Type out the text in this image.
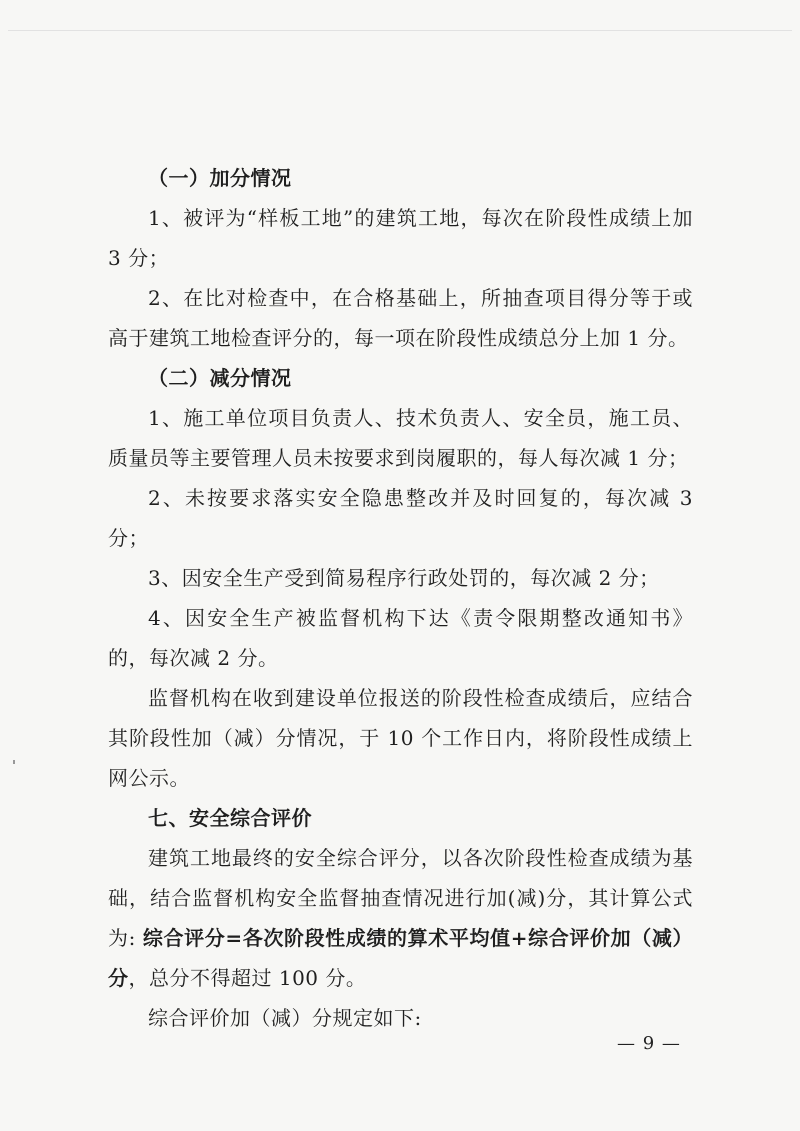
（一）加分情况

1、被评为“样板工地”的建筑工地，每次在阶段性成绩上加 3 分；

2、在比对检查中，在合格基础上，所抽查项目得分等于或高于建筑工地检查评分的，每一项在阶段性成绩总分上加 1 分。

（二）减分情况

1、施工单位项目负责人、技术负责人、安全员，施工员、质量员等主要管理人员未按要求到岗履职的，每人每次减 1 分；

2、未按要求落实安全隐患整改并及时回复的，每次减 3 分；

3、因安全生产受到简易程序行政处罚的，每次减 2 分；

4、因安全生产被监督机构下达《责令限期整改通知书》的，每次减 2 分。

监督机构在收到建设单位报送的阶段性检查成绩后，应结合其阶段性加（减）分情况，于 10 个工作日内，将阶段性成绩上网公示。

七、安全综合评价

建筑工地最终的安全综合评分，以各次阶段性检查成绩为基础，结合监督机构安全监督抽查情况进行加(减)分，其计算公式为: 综合评分=各次阶段性成绩的算术平均值+综合评价加（减）分，总分不得超过 100 分。

综合评价加（减）分规定如下:

— 9 —
